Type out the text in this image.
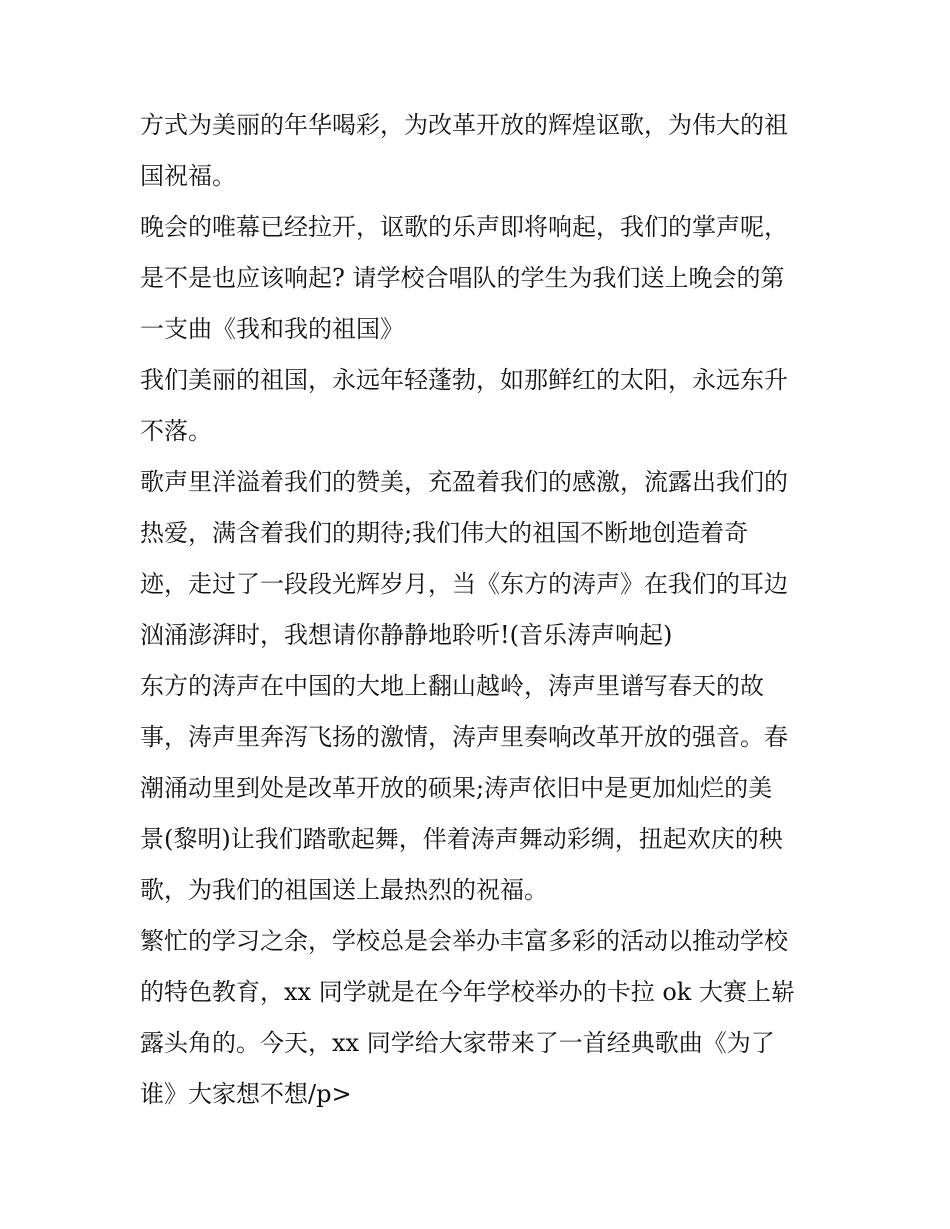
方式为美丽的年华喝彩，为改革开放的辉煌讴歌，为伟大的祖
国祝福。
晚会的唯幕已经拉开，讴歌的乐声即将响起，我们的掌声呢，
是不是也应该响起? 请学校合唱队的学生为我们送上晚会的第
一支曲《我和我的祖国》
我们美丽的祖国，永远年轻蓬勃，如那鲜红的太阳，永远东升
不落。
歌声里洋溢着我们的赞美，充盈着我们的感激，流露出我们的
热爱，满含着我们的期待;我们伟大的祖国不断地创造着奇
迹，走过了一段段光辉岁月，当《东方的涛声》在我们的耳边
汹涌澎湃时，我想请你静静地聆听!(音乐涛声响起)
东方的涛声在中国的大地上翻山越岭，涛声里谱写春天的故
事，涛声里奔泻飞扬的激情，涛声里奏响改革开放的强音。春
潮涌动里到处是改革开放的硕果;涛声依旧中是更加灿烂的美
景(黎明)让我们踏歌起舞，伴着涛声舞动彩绸，扭起欢庆的秧
歌，为我们的祖国送上最热烈的祝福。
繁忙的学习之余，学校总是会举办丰富多彩的活动以推动学校
的特色教育，xx 同学就是在今年学校举办的卡拉 ok 大赛上崭
露头角的。今天，xx 同学给大家带来了一首经典歌曲《为了
谁》大家想不想/p>
